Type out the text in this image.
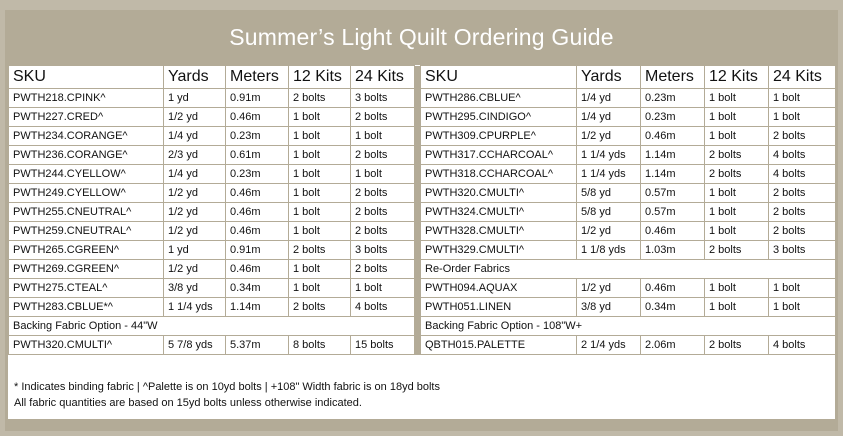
Summer’s Light Quilt Ordering Guide
SKU	Yards	Meters	12 Kits	24 Kits		SKU	Yards	Meters	12 Kits	24 Kits
PWTH218.CPINK^	1 yd	0.91m	2 bolts	3 bolts		PWTH286.CBLUE^	1/4 yd	0.23m	1 bolt	1 bolt
PWTH227.CRED^	1/2 yd	0.46m	1 bolt	2 bolts		PWTH295.CINDIGO^	1/4 yd	0.23m	1 bolt	1 bolt
PWTH234.CORANGE^	1/4 yd	0.23m	1 bolt	1 bolt		PWTH309.CPURPLE^	1/2 yd	0.46m	1 bolt	2 bolts
PWTH236.CORANGE^	2/3 yd	0.61m	1 bolt	2 bolts		PWTH317.CCHARCOAL^	1 1/4 yds	1.14m	2 bolts	4 bolts
PWTH244.CYELLOW^	1/4 yd	0.23m	1 bolt	1 bolt		PWTH318.CCHARCOAL^	1 1/4 yds	1.14m	2 bolts	4 bolts
PWTH249.CYELLOW^	1/2 yd	0.46m	1 bolt	2 bolts		PWTH320.CMULTI^	5/8 yd	0.57m	1 bolt	2 bolts
PWTH255.CNEUTRAL^	1/2 yd	0.46m	1 bolt	2 bolts		PWTH324.CMULTI^	5/8 yd	0.57m	1 bolt	2 bolts
PWTH259.CNEUTRAL^	1/2 yd	0.46m	1 bolt	2 bolts		PWTH328.CMULTI^	1/2 yd	0.46m	1 bolt	2 bolts
PWTH265.CGREEN^	1 yd	0.91m	2 bolts	3 bolts		PWTH329.CMULTI^	1 1/8 yds	1.03m	2 bolts	3 bolts
PWTH269.CGREEN^	1/2 yd	0.46m	1 bolt	2 bolts		Re-Order Fabrics				
PWTH275.CTEAL^	3/8 yd	0.34m	1 bolt	1 bolt		PWTH094.AQUAX	1/2 yd	0.46m	1 bolt	1 bolt
PWTH283.CBLUE*^	1 1/4 yds	1.14m	2 bolts	4 bolts		PWTH051.LINEN	3/8 yd	0.34m	1 bolt	1 bolt
Backing Fabric Option - 44"W						Backing Fabric Option - 108"W+				
PWTH320.CMULTI^	5 7/8 yds	5.37m	8 bolts	15 bolts		QBTH015.PALETTE	2 1/4 yds	2.06m	2 bolts	4 bolts
* Indicates binding fabric | ^Palette is on 10yd bolts | +108" Width fabric is on 18yd bolts
All fabric quantities are based on 15yd bolts unless otherwise indicated.
